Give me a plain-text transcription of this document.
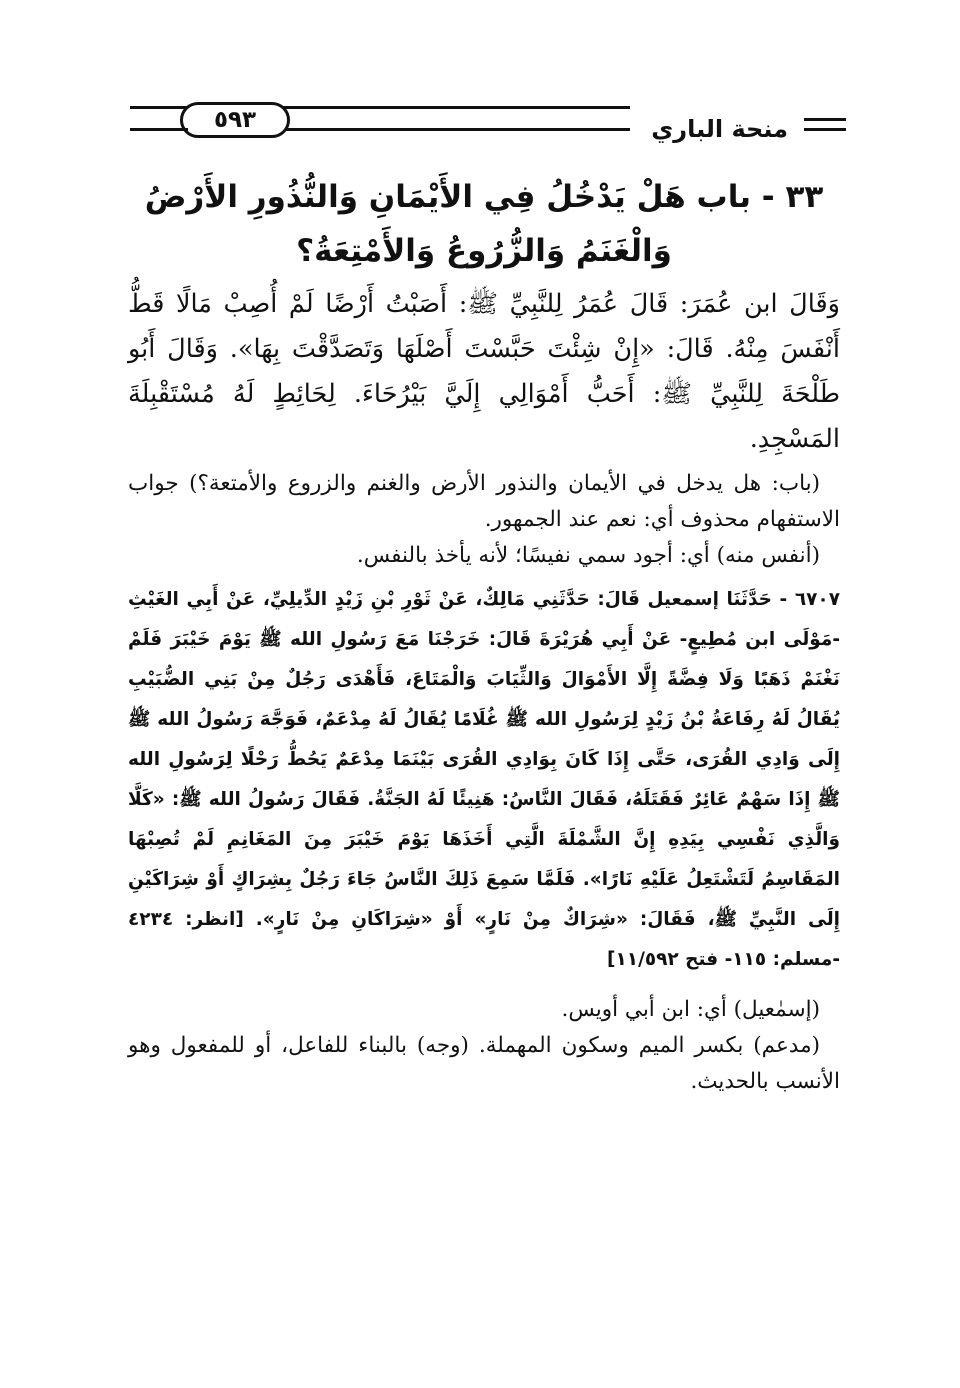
منحة الباري
٥٩٣
٣٣ - باب هَلْ يَدْخُلُ فِي الأَيْمَانِ وَالنُّذُورِ الأَرْضُ وَالْغَنَمُ وَالزُّرُوعُ وَالأَمْتِعَةُ؟

وَقَالَ ابن عُمَرَ: قَالَ عُمَرُ لِلنَّبِيِّ ﷺ: أَصَبْتُ أَرْضًا لَمْ أُصِبْ مَالًا قَطُّ أَنْفَسَ مِنْهُ. قَالَ: «إِنْ شِئْتَ حَبَّسْتَ أَصْلَهَا وَتَصَدَّقْتَ بِهَا». وَقَالَ أَبُو طَلْحَةَ لِلنَّبِيِّ ﷺ: أَحَبُّ أَمْوَالِي إِلَيَّ بَيْرُحَاءَ. لِحَائِطٍ لَهُ مُسْتَقْبِلَةَ المَسْجِدِ.

(باب: هل يدخل في الأيمان والنذور الأرض والغنم والزروع والأمتعة؟) جواب الاستفهام محذوف أي: نعم عند الجمهور.

(أنفس منه) أي: أجود سمي نفيسًا؛ لأنه يأخذ بالنفس.

٦٧٠٧ - حَدَّثَنَا إسمعيل قَالَ: حَدَّثَنِي مَالِكٌ، عَنْ ثَوْرِ بْنِ زَيْدٍ الدِّيلِيِّ، عَنْ أَبِي الغَيْثِ -مَوْلَى ابن مُطِيعٍ- عَنْ أَبِي هُرَيْرَةَ قَالَ: خَرَجْنَا مَعَ رَسُولِ الله ﷺ يَوْمَ خَيْبَرَ فَلَمْ نَغْنَمْ ذَهَبًا وَلَا فِضَّةً إِلَّا الأَمْوَالَ وَالثِّيَابَ وَالْمَتَاعَ، فَأَهْدَى رَجُلٌ مِنْ بَنِي الضُّبَيْبِ يُقَالُ لَهُ رِفَاعَةُ بْنُ زَيْدٍ لِرَسُولِ الله ﷺ غُلَامًا يُقَالُ لَهُ مِدْعَمٌ، فَوَجَّهَ رَسُولُ الله ﷺ إِلَى وَادِي القُرَى، حَتَّى إِذَا كَانَ بِوَادِي القُرَى بَيْنَمَا مِدْعَمٌ يَحُطُّ رَحْلًا لِرَسُولِ الله ﷺ إِذَا سَهْمٌ عَائِرٌ فَقَتَلَهُ، فَقَالَ النَّاسُ: هَنِيئًا لَهُ الجَنَّةُ. فَقَالَ رَسُولُ الله ﷺ: «كَلَّا وَالَّذِي نَفْسِي بِيَدِهِ إِنَّ الشَّمْلَةَ الَّتِي أَخَذَهَا يَوْمَ خَيْبَرَ مِنَ المَغَانِمِ لَمْ تُصِبْهَا المَقَاسِمُ لَتَشْتَعِلُ عَلَيْهِ نَارًا». فَلَمَّا سَمِعَ ذَلِكَ النَّاسُ جَاءَ رَجُلٌ بِشِرَاكٍ أَوْ شِرَاكَيْنِ إِلَى النَّبِيِّ ﷺ، فَقَالَ: «شِرَاكٌ مِنْ نَارٍ» أَوْ «شِرَاكَانِ مِنْ نَارٍ». [انظر: ٤٢٣٤ -مسلم: ١١٥- فتح ١١/٥٩٢]

(إسمٰعيل) أي: ابن أبي أويس.

(مدعم) بكسر الميم وسكون المهملة. (وجه) بالبناء للفاعل، أو للمفعول وهو الأنسب بالحديث.
